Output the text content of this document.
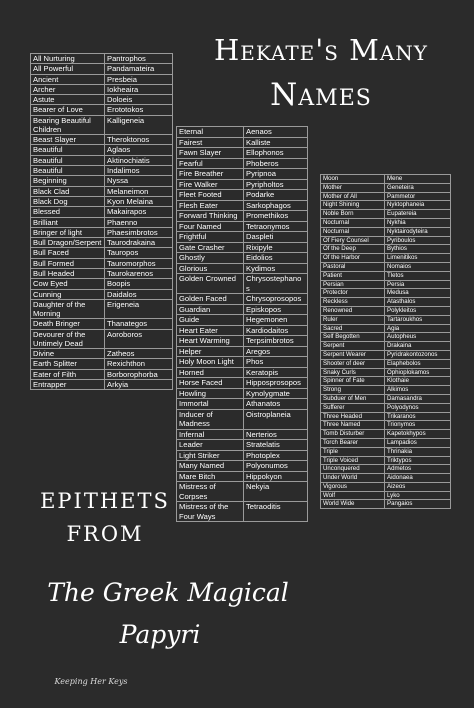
Hekate's Many
Names
All Nurturing	Pantrophos
All Powerful	Pandamateira
Ancient	Presbeia
Archer	Iokheaira
Astute	Doloeis
Bearer of Love	Erototokos
Bearing Beautiful Children	Kalligeneia
Beast Slayer	Theroktonos
Beautiful	Aglaos
Beautiful	Aktinochiatis
Beautiful	Indalimos
Beginning	Nyssa
Black Clad	Melaneimon
Black Dog	Kyon Melaina
Blessed	Makairapos
Brilliant	Phaenno
Bringer of light	Phaesimbrotos
Bull Dragon/Serpent	Taurodrakaina
Bull Faced	Tauropos
Bull Formed	Tauromorphos
Bull Headed	Taurokarenos
Cow Eyed	Boopis
Cunning	Daidalos
Daughter of the Morning	Erigeneia
Death Bringer	Thanategos
Devourer of the Untimely Dead	Aoroboros
Divine	Zatheos
Earth Splitter	Rexichthon
Eater of Filth	Borborophorba
Entrapper	Arkyia
Eternal	Aenaos
Fairest	Kalliste
Fawn Slayer	Ellophonos
Fearful	Phoberos
Fire Breather	Pyripnoa
Fire Walker	Pyripholtos
Fleet Footed	Podarke
Flesh Eater	Sarkophagos
Forward Thinking	Promethikos
Four Named	Tetraonymos
Frightful	Daspleti
Gate Crasher	Rixipyle
Ghostly	Eidolios
Glorious	Kydimos
Golden Crowned	Chrysostephanos
Golden Faced	Chrysoprosopos
Guardian	Episkopos
Guide	Hegemonen
Heart Eater	Kardiodaitos
Heart Warming	Terpsimbrotos
Helper	Aregos
Holy Moon Light	Phos
Horned	Keratopis
Horse Faced	Hipposprosopos
Howling	Kynolygmate
Immortal	Athanatos
Inducer of Madness	Oistroplaneia
Infernal	Nerterios
Leader	Stratelatis
Light Striker	Photoplex
Many Named	Polyonumos
Mare Bitch	Hippokyon
Mistress of Corpses	Nekyia
Mistress of the Four Ways	Tetraoditis
Moon	Mene
Mother	Geneteira
Mother of All	Pammetor
Night Shining	Nyktophaneia
Noble Born	Eupatereia
Nocturnal	Nykhia
Nocturnal	Nyktairodyteira
Of Fiery Counsel	Pyriboulos
Of the Deep	Bythios
Of the Harbor	Limenitikos
Pastoral	Nomaios
Patient	Tletos
Persian	Persia
Protector	Medusa
Reckless	Atasthalos
Renowned	Polykleitos
Ruler	Tartaroukhos
Sacred	Agia
Self Begotten	Autopheus
Serpent	Drakaina
Serpent Wearer	Pyridrakontozonos
Shooter of deer	Elaphebolos
Snaky Curls	Ophioplokamos
Spinner of Fate	Klothaie
Strong	Alkimos
Subduer of Men	Damasandra
Sufferer	Polyodynos
Three Headed	Trikaranos
Three Named	Trionymos
Tomb Disturber	Kapetokhypos
Torch Bearer	Lampadios
Triple	Thrinakia
Triple Voiced	Triktypos
Unconquered	Admetos
Under World	Aidonaea
Vigorous	Aizeos
Wolf	Lyko
World Wide	Pangaios
EPITHETS
FROM
The Greek Magical
Papyri
Keeping Her Keys
